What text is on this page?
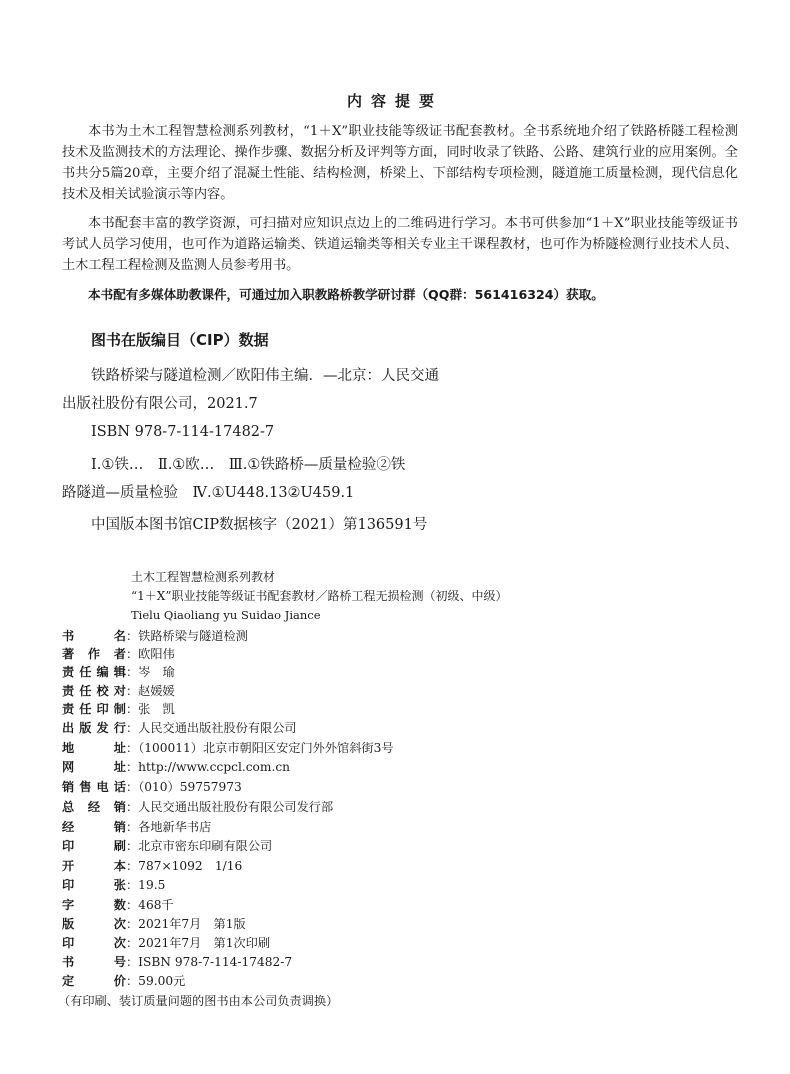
内容提要

本书为土木工程智慧检测系列教材，“1＋X”职业技能等级证书配套教材。全书系统地介绍了铁路桥隧工程检测技术及监测技术的方法理论、操作步骤、数据分析及评判等方面，同时收录了铁路、公路、建筑行业的应用案例。全书共分5篇20章，主要介绍了混凝土性能、结构检测，桥梁上、下部结构专项检测，隧道施工质量检测，现代信息化技术及相关试验演示等内容。

本书配套丰富的教学资源，可扫描对应知识点边上的二维码进行学习。本书可供参加“1＋X”职业技能等级证书考试人员学习使用，也可作为道路运输类、铁道运输类等相关专业主干课程教材，也可作为桥隧检测行业技术人员、土木工程工程检测及监测人员参考用书。

本书配有多媒体助教课件，可通过加入职教路桥教学研讨群（QQ群：561416324）获取。

图书在版编目（CIP）数据
铁路桥梁与隧道检测／欧阳伟主编．—北京：人民交通
出版社股份有限公司，2021.7
ISBN 978-7-114-17482-7
Ⅰ.①铁…　Ⅱ.①欧…　Ⅲ.①铁路桥—质量检验②铁
路隧道—质量检验　Ⅳ.①U448.13②U459.1
中国版本图书馆CIP数据核字（2021）第136591号
土木工程智慧检测系列教材
“1＋X”职业技能等级证书配套教材／路桥工程无损检测（初级、中级）
Tielu Qiaoliang yu Suidao Jiance
书　名：铁路桥梁与隧道检测
著作者：欧阳伟
责任编辑：岑　瑜
责任校对：赵媛媛
责任印制：张　凯
出版发行：人民交通出版社股份有限公司
地　址：（100011）北京市朝阳区安定门外外馆斜街3号
网　址：http://www.ccpcl.com.cn
销售电话：（010）59757973
总经销：人民交通出版社股份有限公司发行部
经　销：各地新华书店
印　刷：北京市密东印刷有限公司
开　本：787×1092　1/16
印　张：19.5
字　数：468千
版　次：2021年7月　第1版
印　次：2021年7月　第1次印刷
书　号：ISBN 978-7-114-17482-7
定　价：59.00元
（有印刷、装订质量问题的图书由本公司负责调换）
